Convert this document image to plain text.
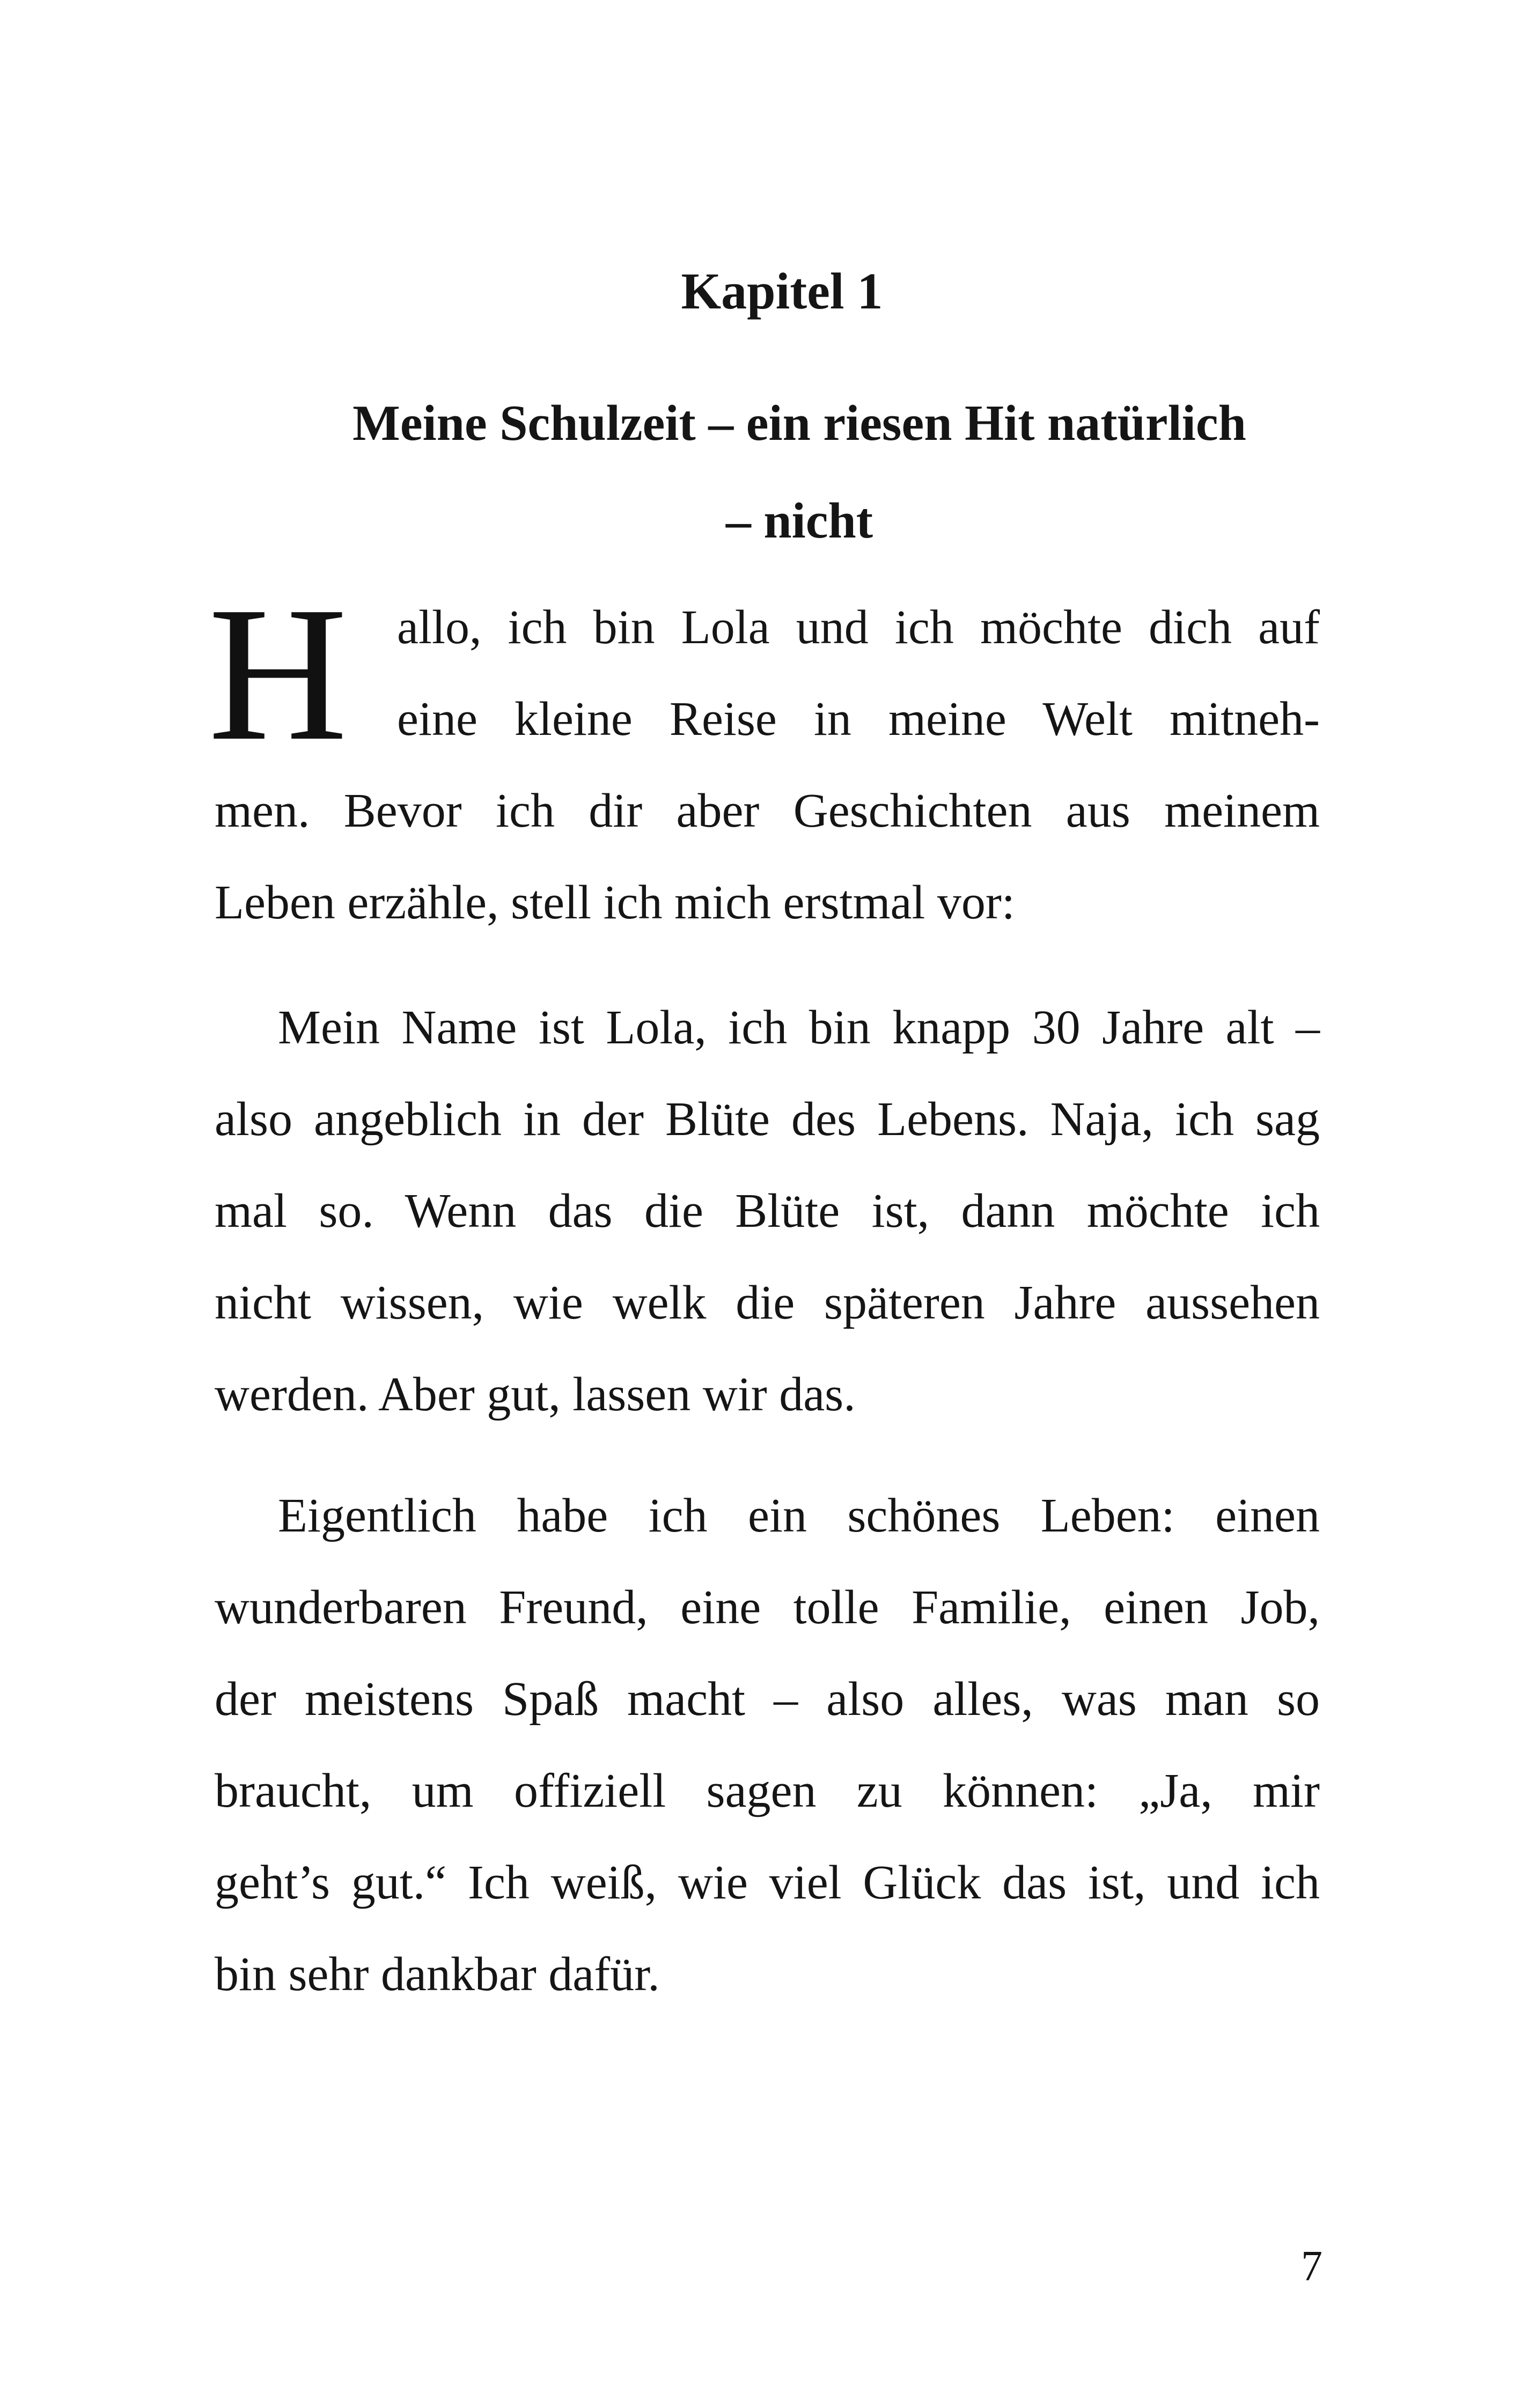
Kapitel 1
Meine Schulzeit – ein riesen Hit natürlich
– nicht
H allo, ich bin Lola und ich möchte dich auf
eine kleine Reise in meine Welt mitneh-
men. Bevor ich dir aber Geschichten aus meinem
Leben erzähle, stell ich mich erstmal vor:
Mein Name ist Lola, ich bin knapp 30 Jahre alt –
also angeblich in der Blüte des Lebens. Naja, ich sag
mal so. Wenn das die Blüte ist, dann möchte ich
nicht wissen, wie welk die späteren Jahre aussehen
werden. Aber gut, lassen wir das.
Eigentlich habe ich ein schönes Leben: einen
wunderbaren Freund, eine tolle Familie, einen Job,
der meistens Spaß macht – also alles, was man so
braucht, um offiziell sagen zu können: „Ja, mir
geht’s gut.“ Ich weiß, wie viel Glück das ist, und ich
bin sehr dankbar dafür.
7
